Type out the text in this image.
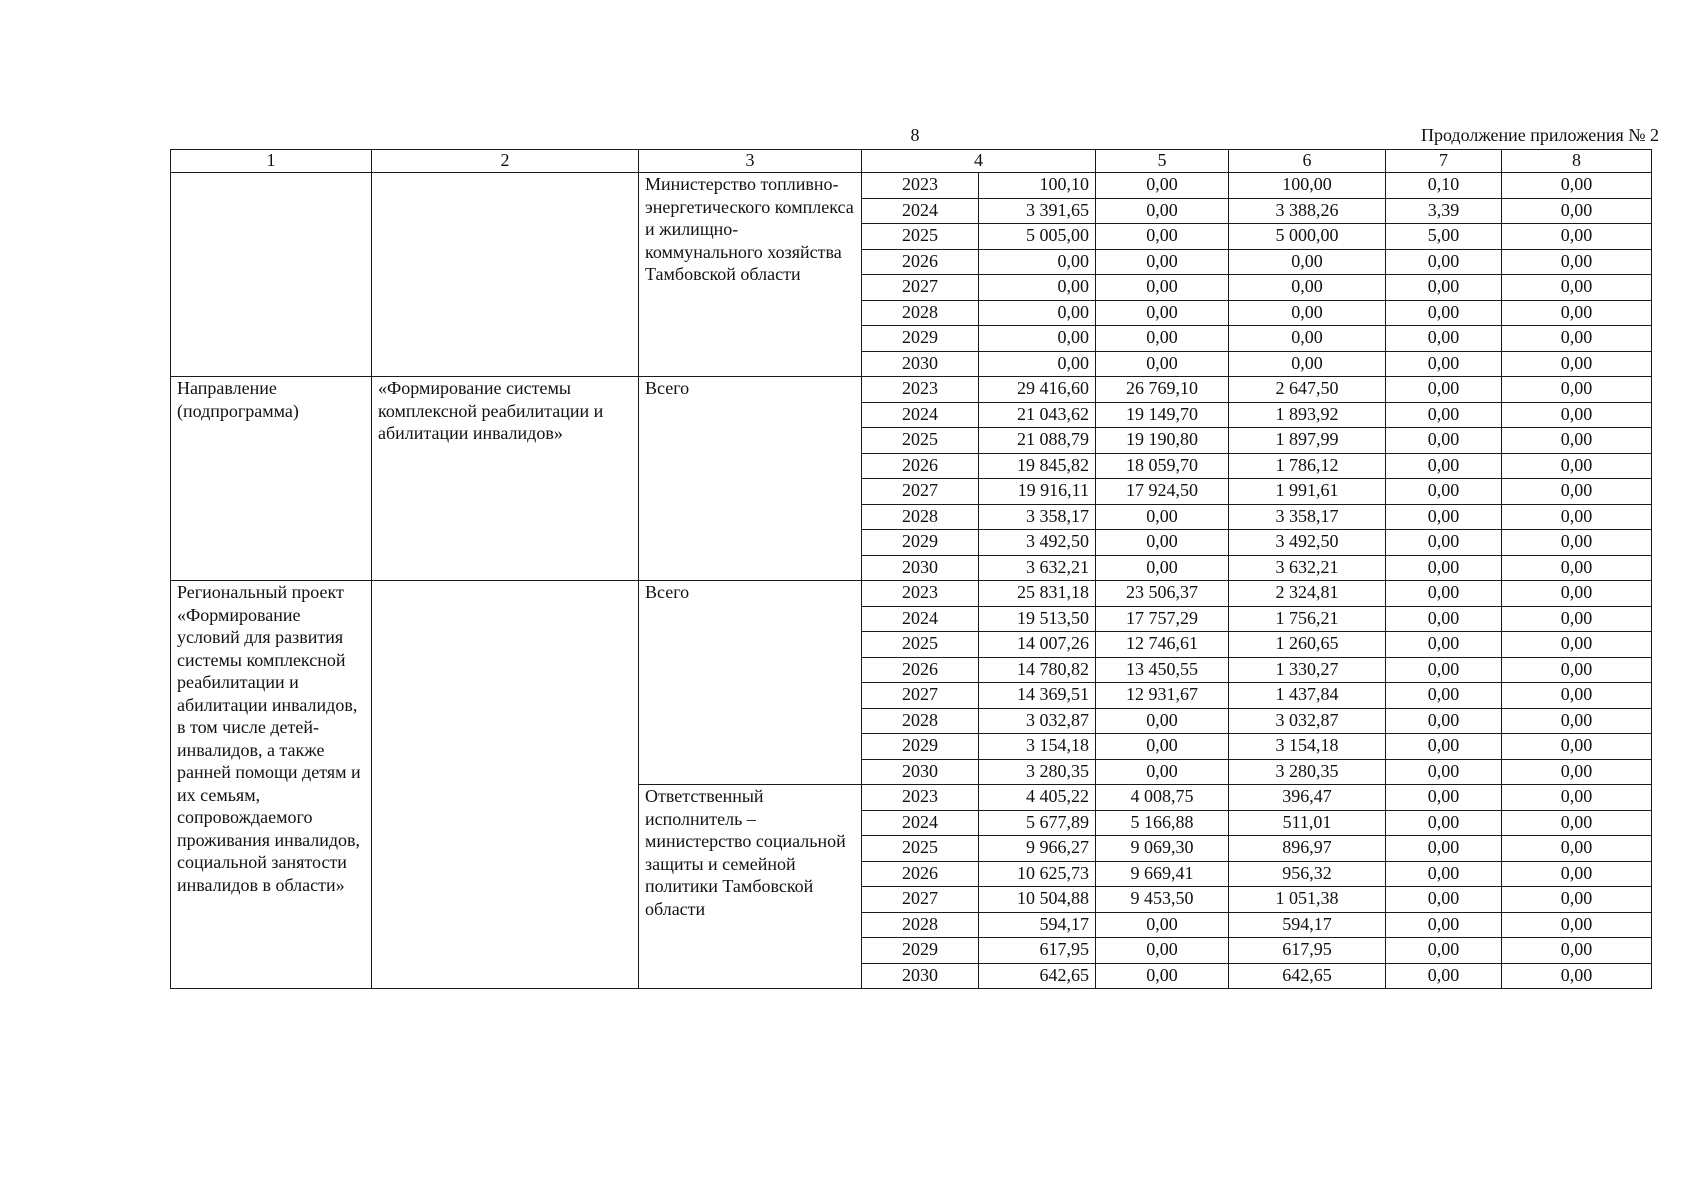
8	Продолжение приложения № 2
1	2	3	4		5	6	7	8
		Министерство топливно-энергетического комплекса и жилищно-коммунального хозяйства Тамбовской области	2023	100,10	0,00	100,00	0,10	0,00
			2024	3 391,65	0,00	3 388,26	3,39	0,00
			2025	5 005,00	0,00	5 000,00	5,00	0,00
			2026	0,00	0,00	0,00	0,00	0,00
			2027	0,00	0,00	0,00	0,00	0,00
			2028	0,00	0,00	0,00	0,00	0,00
			2029	0,00	0,00	0,00	0,00	0,00
			2030	0,00	0,00	0,00	0,00	0,00
Направление (подпрограмма)	«Формирование системы комплексной реабилитации и абилитации инвалидов»	Всего	2023	29 416,60	26 769,10	2 647,50	0,00	0,00
			2024	21 043,62	19 149,70	1 893,92	0,00	0,00
			2025	21 088,79	19 190,80	1 897,99	0,00	0,00
			2026	19 845,82	18 059,70	1 786,12	0,00	0,00
			2027	19 916,11	17 924,50	1 991,61	0,00	0,00
			2028	3 358,17	0,00	3 358,17	0,00	0,00
			2029	3 492,50	0,00	3 492,50	0,00	0,00
			2030	3 632,21	0,00	3 632,21	0,00	0,00
Региональный проект «Формирование условий для развития системы комплексной реабилитации и абилитации инвалидов, в том числе детей-инвалидов, а также ранней помощи детям и их семьям, сопровождаемого проживания инвалидов, социальной занятости инвалидов в области»		Всего	2023	25 831,18	23 506,37	2 324,81	0,00	0,00
			2024	19 513,50	17 757,29	1 756,21	0,00	0,00
			2025	14 007,26	12 746,61	1 260,65	0,00	0,00
			2026	14 780,82	13 450,55	1 330,27	0,00	0,00
			2027	14 369,51	12 931,67	1 437,84	0,00	0,00
			2028	3 032,87	0,00	3 032,87	0,00	0,00
			2029	3 154,18	0,00	3 154,18	0,00	0,00
			2030	3 280,35	0,00	3 280,35	0,00	0,00
		Ответственный исполнитель – министерство социальной защиты и семейной политики Тамбовской области	2023	4 405,22	4 008,75	396,47	0,00	0,00
			2024	5 677,89	5 166,88	511,01	0,00	0,00
			2025	9 966,27	9 069,30	896,97	0,00	0,00
			2026	10 625,73	9 669,41	956,32	0,00	0,00
			2027	10 504,88	9 453,50	1 051,38	0,00	0,00
			2028	594,17	0,00	594,17	0,00	0,00
			2029	617,95	0,00	617,95	0,00	0,00
			2030	642,65	0,00	642,65	0,00	0,00
